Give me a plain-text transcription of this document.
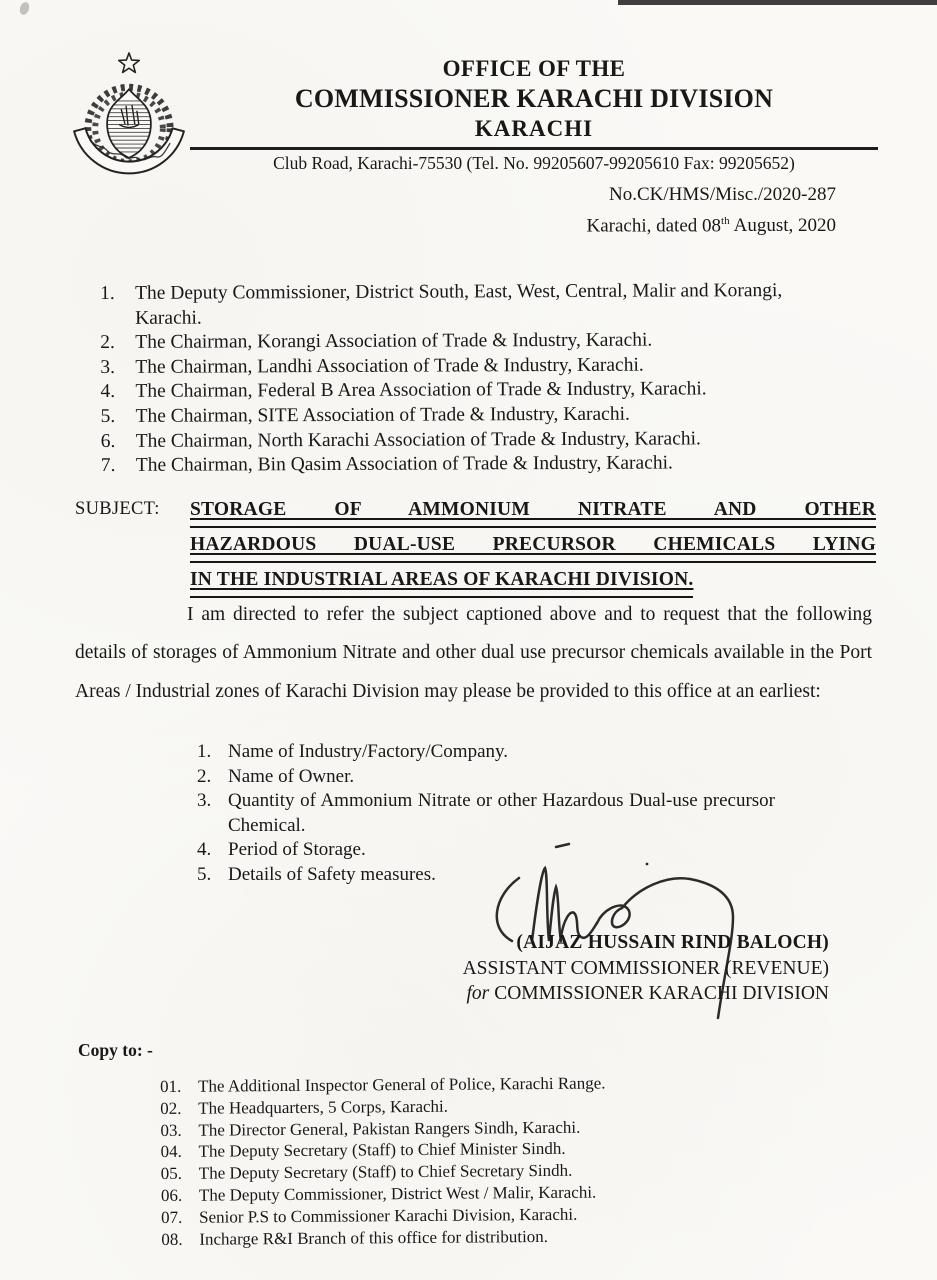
OFFICE OF THE
COMMISSIONER KARACHI DIVISION
KARACHI
Club Road, Karachi-75530 (Tel. No. 99205607-99205610 Fax: 99205652)
No.CK/HMS/Misc./2020-287
Karachi, dated 08th August, 2020
1.	The Deputy Commissioner, District South, East, West, Central, Malir and Korangi, Karachi.
2.	The Chairman, Korangi Association of Trade & Industry, Karachi.
3.	The Chairman, Landhi Association of Trade & Industry, Karachi.
4.	The Chairman, Federal B Area Association of Trade & Industry, Karachi.
5.	The Chairman, SITE Association of Trade & Industry, Karachi.
6.	The Chairman, North Karachi Association of Trade & Industry, Karachi.
7.	The Chairman, Bin Qasim Association of Trade & Industry, Karachi.
SUBJECT: STORAGE OF AMMONIUM NITRATE AND OTHER
HAZARDOUS DUAL-USE PRECURSOR CHEMICALS LYING
IN THE INDUSTRIAL AREAS OF KARACHI DIVISION.
I am directed to refer the subject captioned above and to request that the following details of storages of Ammonium Nitrate and other dual use precursor chemicals available in the Port Areas / Industrial zones of Karachi Division may please be provided to this office at an earliest:
1. Name of Industry/Factory/Company.
2. Name of Owner.
3. Quantity of Ammonium Nitrate or other Hazardous Dual-use precursor Chemical.
4. Period of Storage.
5. Details of Safety measures.
(AIJAZ HUSSAIN RIND BALOCH)
ASSISTANT COMMISSIONER (REVENUE)
for COMMISSIONER KARACHI DIVISION
Copy to: -
01. The Additional Inspector General of Police, Karachi Range.
02. The Headquarters, 5 Corps, Karachi.
03. The Director General, Pakistan Rangers Sindh, Karachi.
04. The Deputy Secretary (Staff) to Chief Minister Sindh.
05. The Deputy Secretary (Staff) to Chief Secretary Sindh.
06. The Deputy Commissioner, District West / Malir, Karachi.
07. Senior P.S to Commissioner Karachi Division, Karachi.
08. Incharge R&I Branch of this office for distribution.
